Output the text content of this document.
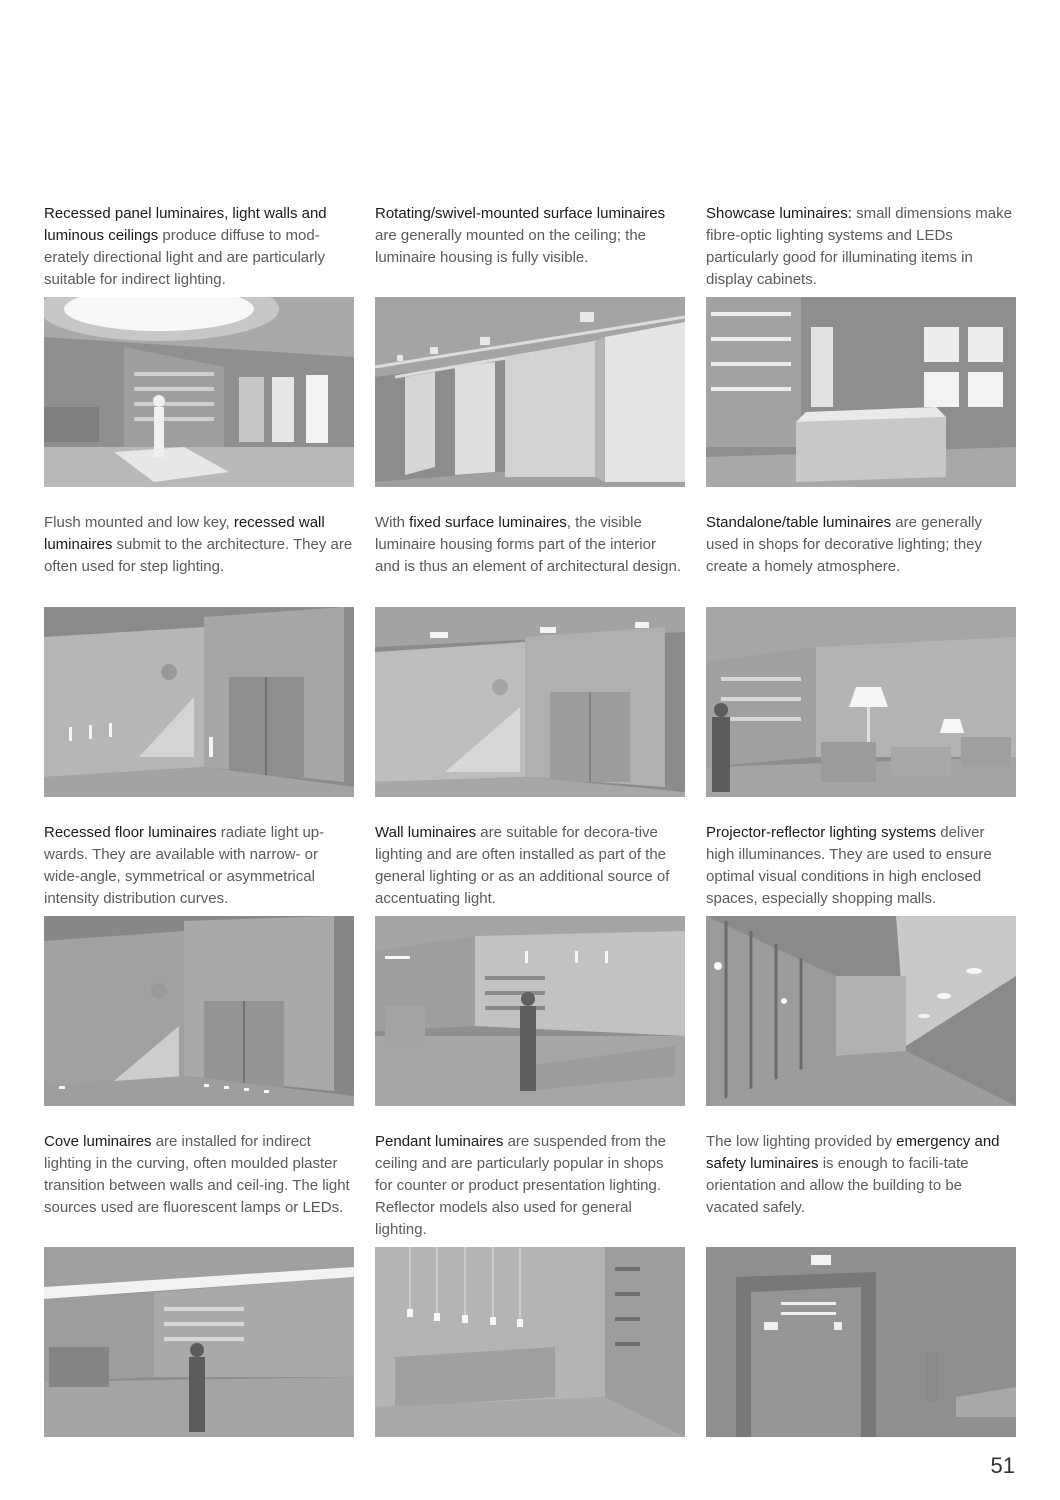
Recessed panel luminaires, light walls and luminous ceilings produce diffuse to mod-erately directional light and are particularly suitable for indirect lighting.

Rotating/swivel-mounted surface luminaires are generally mounted on the ceiling; the luminaire housing is fully visible.

Showcase luminaires: small dimensions make fibre-optic lighting systems and LEDs particularly good for illuminating items in display cabinets.

Flush mounted and low key, recessed wall luminaires submit to the architecture. They are often used for step lighting.

With fixed surface luminaires, the visible luminaire housing forms part of the interior and is thus an element of architectural design.

Standalone/table luminaires are generally used in shops for decorative lighting; they create a homely atmosphere.

Recessed floor luminaires radiate light up-wards. They are available with narrow- or wide-angle, symmetrical or asymmetrical intensity distribution curves.

Wall luminaires are suitable for decora-tive lighting and are often installed as part of the general lighting or as an additional source of accentuating light.

Projector-reflector lighting systems deliver high illuminances. They are used to ensure optimal visual conditions in high enclosed spaces, especially shopping malls.

Cove luminaires are installed for indirect lighting in the curving, often moulded plaster transition between walls and ceil-ing. The light sources used are fluorescent lamps or LEDs.

Pendant luminaires are suspended from the ceiling and are particularly popular in shops for counter or product presentation lighting. Reflector models also used for general lighting.

The low lighting provided by emergency and safety luminaires is enough to facili-tate orientation and allow the building to be vacated safely.

51
